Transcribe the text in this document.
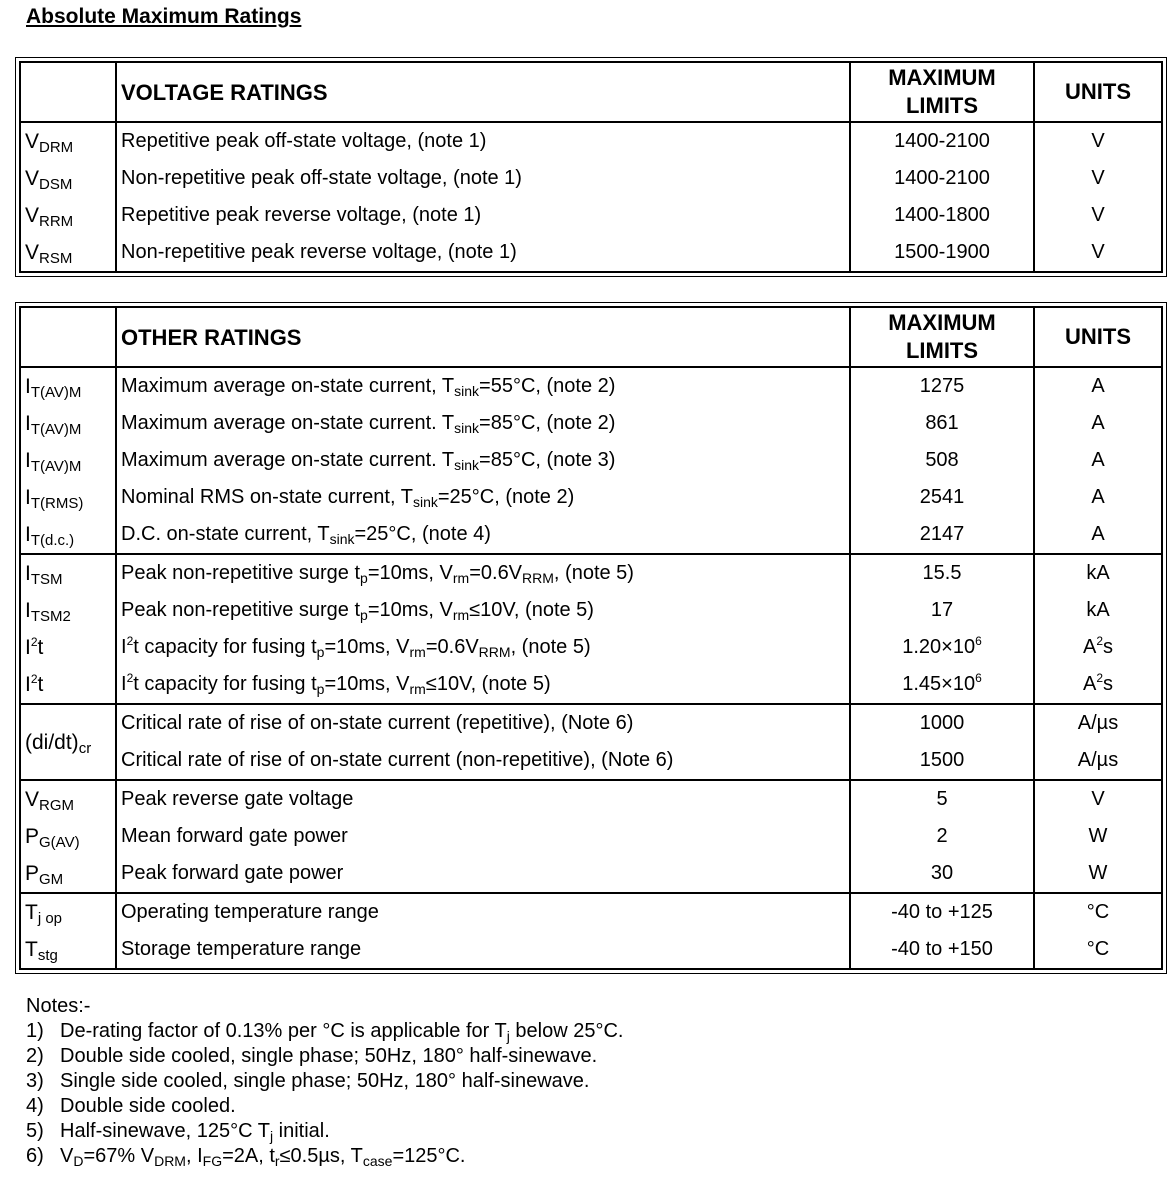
Absolute Maximum Ratings
	VOLTAGE RATINGS	MAXIMUM LIMITS	UNITS
$V_{DRM}$	Repetitive peak off-state voltage, (note 1)	1400-2100	V
$V_{DSM}$	Non-repetitive peak off-state voltage, (note 1)	1400-2100	V
$V_{RRM}$	Repetitive peak reverse voltage, (note 1)	1400-1800	V
$V_{RSM}$	Non-repetitive peak reverse voltage, (note 1)	1500-1900	V
	OTHER RATINGS	MAXIMUM LIMITS	UNITS
$I_{T(AV)M}$	Maximum average on-state current, $T_{sink}=55^\circ C$, (note 2)	1275	A
$I_{T(AV)M}$	Maximum average on-state current. $T_{sink}=85^\circ C$, (note 2)	861	A
$I_{T(AV)M}$	Maximum average on-state current. $T_{sink}=85^\circ C$, (note 3)	508	A
$I_{T(RMS)}$	Nominal RMS on-state current, $T_{sink}=25^\circ C$, (note 2)	2541	A
$I_{T(d.c.)}$	D.C. on-state current, $T_{sink}=25^\circ C$, (note 4)	2147	A
$I_{TSM}$	Peak non-repetitive surge $t_p=10ms$, $V_{rm}=0.6V_{RRM}$, (note 5)	15.5	kA
$I_{TSM2}$	Peak non-repetitive surge $t_p=10ms$, $V_{rm}\le 10V$, (note 5)	17	kA
$I^2t$	$I^2t$ capacity for fusing $t_p=10ms$, $V_{rm}=0.6V_{RRM}$, (note 5)	$1.20\times 10^6$	$A^2s$
$I^2t$	$I^2t$ capacity for fusing $t_p=10ms$, $V_{rm}\le 10V$, (note 5)	$1.45\times 10^6$	$A^2s$
$(di/dt)_{cr}$	Critical rate of rise of on-state current (repetitive), (Note 6)	1000	A/µs
	Critical rate of rise of on-state current (non-repetitive), (Note 6)	1500	A/µs
$V_{RGM}$	Peak reverse gate voltage	5	V
$P_{G(AV)}$	Mean forward gate power	2	W
$P_{GM}$	Peak forward gate power	30	W
$T_{j op}$	Operating temperature range	-40 to +125	°C
$T_{stg}$	Storage temperature range	-40 to +150	°C

Notes:-

1) De-rating factor of 0.13% per °C is applicable for $T_j$ below 25°C.
2) Double side cooled, single phase; 50Hz, 180° half-sinewave.
3) Single side cooled, single phase; 50Hz, 180° half-sinewave.
4) Double side cooled.
5) Half-sinewave, 125°C $T_j$ initial.
6) $V_D=67\%$ $V_{DRM}$, $I_{FG}=2A$, $t_r\le 0.5\mu s$, $T_{case}=125^\circ C$.
